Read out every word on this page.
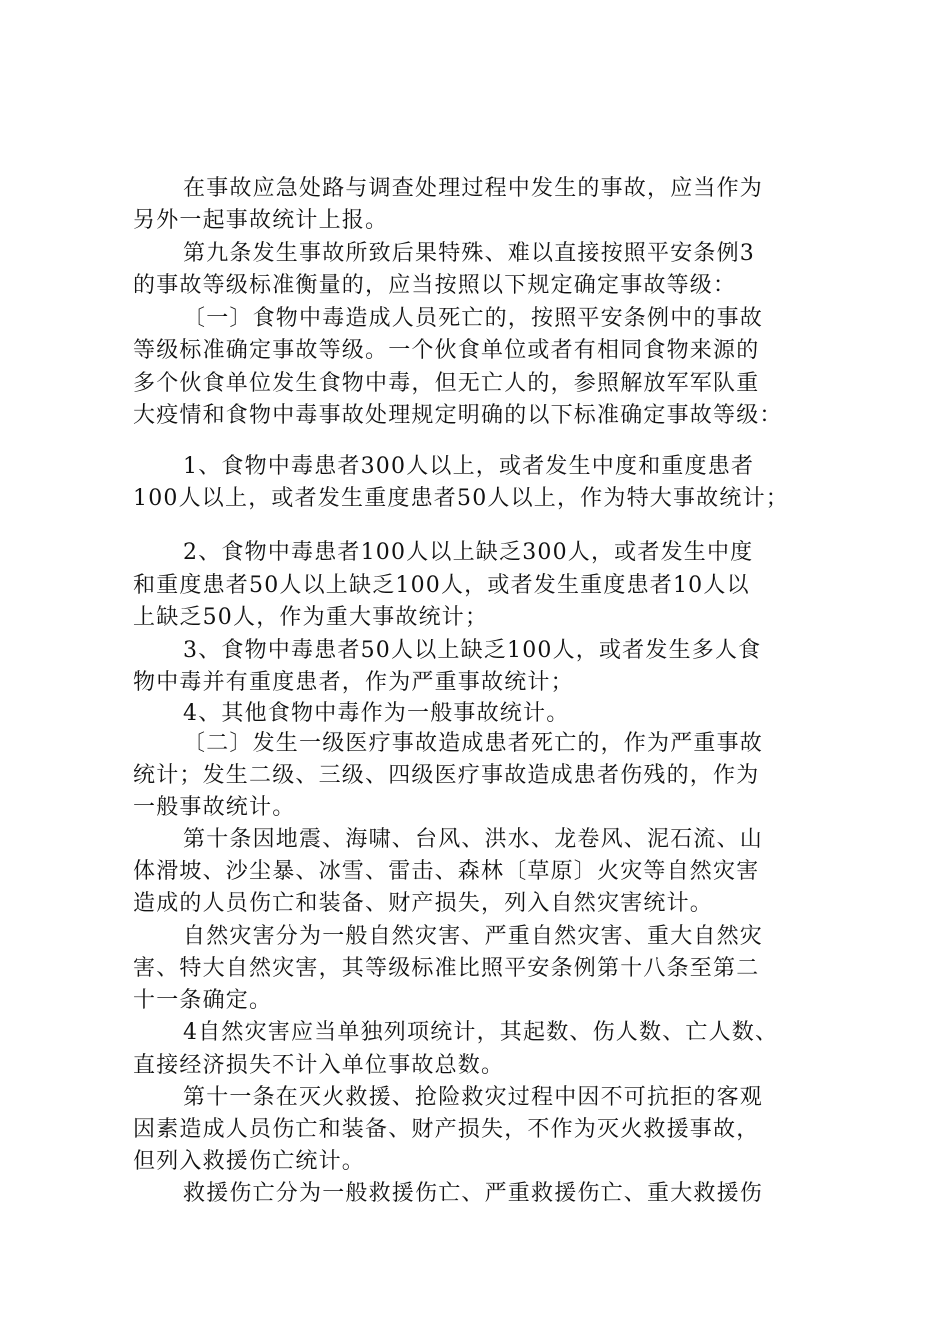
在事故应急处路与调查处理过程中发生的事故，应当作为
另外一起事故统计上报。
第九条发生事故所致后果特殊、难以直接按照平安条例3
的事故等级标准衡量的，应当按照以下规定确定事故等级：
〔一〕食物中毒造成人员死亡的，按照平安条例中的事故
等级标准确定事故等级。一个伙食单位或者有相同食物来源的
多个伙食单位发生食物中毒，但无亡人的，参照解放军军队重
大疫情和食物中毒事故处理规定明确的以下标准确定事故等级：
1、食物中毒患者300人以上，或者发生中度和重度患者
100人以上，或者发生重度患者50人以上，作为特大事故统计；
2、食物中毒患者100人以上缺乏300人，或者发生中度
和重度患者50人以上缺乏100人，或者发生重度患者10人以
上缺乏50人，作为重大事故统计；
3、食物中毒患者50人以上缺乏100人，或者发生多人食
物中毒并有重度患者，作为严重事故统计；
4、其他食物中毒作为一般事故统计。
〔二〕发生一级医疗事故造成患者死亡的，作为严重事故
统计；发生二级、三级、四级医疗事故造成患者伤残的，作为
一般事故统计。
第十条因地震、海啸、台风、洪水、龙卷风、泥石流、山
体滑坡、沙尘暴、冰雪、雷击、森林〔草原〕火灾等自然灾害
造成的人员伤亡和装备、财产损失，列入自然灾害统计。
自然灾害分为一般自然灾害、严重自然灾害、重大自然灾
害、特大自然灾害，其等级标准比照平安条例第十八条至第二
十一条确定。
4自然灾害应当单独列项统计，其起数、伤人数、亡人数、
直接经济损失不计入单位事故总数。
第十一条在灭火救援、抢险救灾过程中因不可抗拒的客观
因素造成人员伤亡和装备、财产损失，不作为灭火救援事故，
但列入救援伤亡统计。
救援伤亡分为一般救援伤亡、严重救援伤亡、重大救援伤
